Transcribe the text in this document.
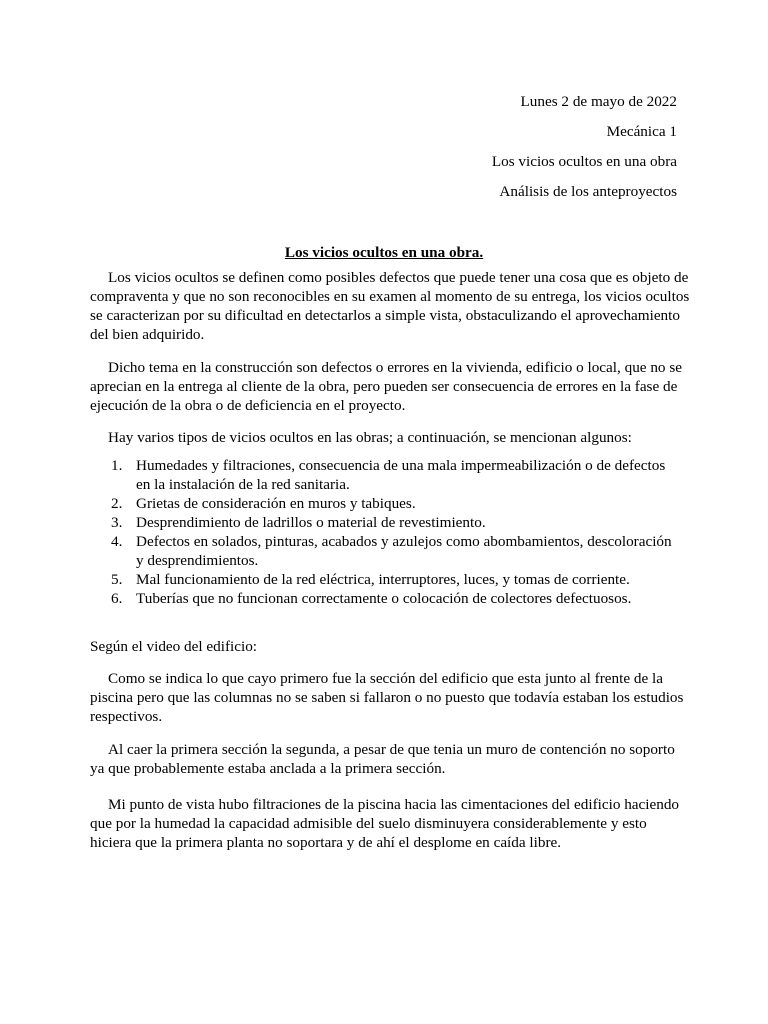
Lunes 2 de mayo de 2022
Mecánica 1
Los vicios ocultos en una obra
Análisis de los anteproyectos
Los vicios ocultos en una obra.

Los vicios ocultos se definen como posibles defectos que puede tener una cosa que es objeto de compraventa y que no son reconocibles en su examen al momento de su entrega, los vicios ocultos se caracterizan por su dificultad en detectarlos a simple vista, obstaculizando el aprovechamiento del bien adquirido.

Dicho tema en la construcción son defectos o errores en la vivienda, edificio o local, que no se aprecian en la entrega al cliente de la obra, pero pueden ser consecuencia de errores en la fase de ejecución de la obra o de deficiencia en el proyecto.

Hay varios tipos de vicios ocultos en las obras; a continuación, se mencionan algunos:

1. Humedades y filtraciones, consecuencia de una mala impermeabilización o de defectos en la instalación de la red sanitaria.
2. Grietas de consideración en muros y tabiques.
3. Desprendimiento de ladrillos o material de revestimiento.
4. Defectos en solados, pinturas, acabados y azulejos como abombamientos, descoloración y desprendimientos.
5. Mal funcionamiento de la red eléctrica, interruptores, luces, y tomas de corriente.
6. Tuberías que no funcionan correctamente o colocación de colectores defectuosos.

Según el video del edificio:

Como se indica lo que cayo primero fue la sección del edificio que esta junto al frente de la piscina pero que las columnas no se saben si fallaron o no puesto que todavía estaban los estudios respectivos.

Al caer la primera sección la segunda, a pesar de que tenia un muro de contención no soporto ya que probablemente estaba anclada a la primera sección.

Mi punto de vista hubo filtraciones de la piscina hacia las cimentaciones del edificio haciendo que por la humedad la capacidad admisible del suelo disminuyera considerablemente y esto hiciera que la primera planta no soportara y de ahí el desplome en caída libre.
